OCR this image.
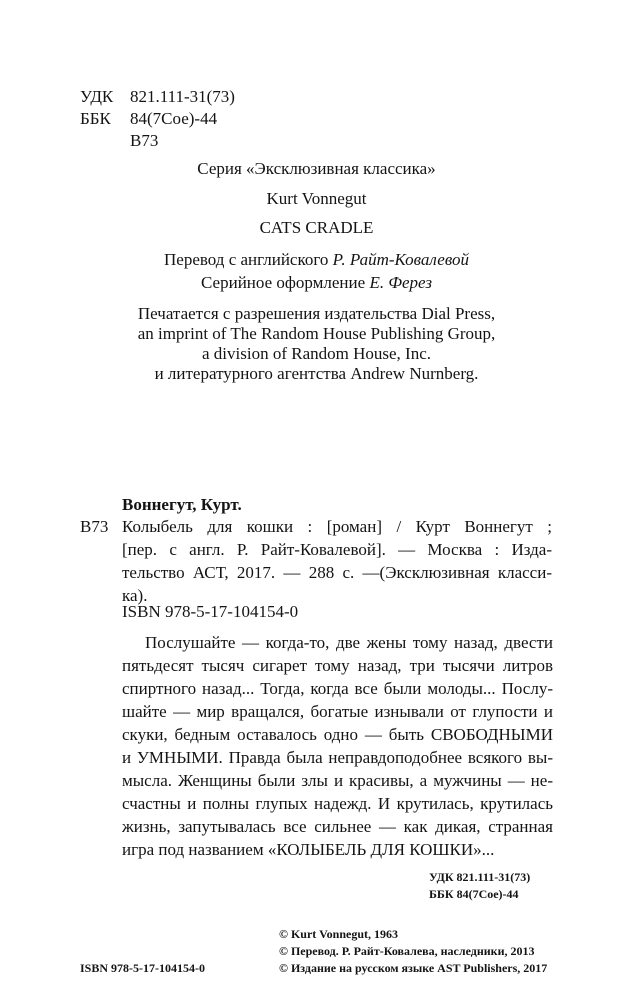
УДК 821.111-31(73)
ББК 84(7Сое)-44
В73
Серия «Эксклюзивная классика»
Kurt Vonnegut
CATS CRADLE
Перевод с английского Р. Райт-Ковалевой
Серийное оформление Е. Ферез
Печатается с разрешения издательства Dial Press,
an imprint of The Random House Publishing Group,
a division of Random House, Inc.
и литературного агентства Andrew Nurnberg.
Воннегут, Курт.
В73 Колыбель для кошки : [роман] / Курт Воннегут ;
[пер. с англ. Р. Райт-Ковалевой]. — Москва : Изда-
тельство АСТ, 2017. — 288 с. —(Эксклюзивная класси-
ка).
ISBN 978-5-17-104154-0
Послушайте — когда-то, две жены тому назад, двести
пятьдесят тысяч сигарет тому назад, три тысячи литров
спиртного назад... Тогда, когда все были молоды... Послу-
шайте — мир вращался, богатые изнывали от глупости и
скуки, бедным оставалось одно — быть СВОБОДНЫМИ
и УМНЫМИ. Правда была неправдоподобнее всякого вы-
мысла. Женщины были злы и красивы, а мужчины — не-
счастны и полны глупых надежд. И крутилась, крутилась
жизнь, запутывалась все сильнее — как дикая, странная
игра под названием «КОЛЫБЕЛЬ ДЛЯ КОШКИ»...
УДК 821.111-31(73)
ББК 84(7Сое)-44
© Kurt Vonnegut, 1963
© Перевод. Р. Райт-Ковалева, наследники, 2013
ISBN 978-5-17-104154-0	© Издание на русском языке AST Publishers, 2017
